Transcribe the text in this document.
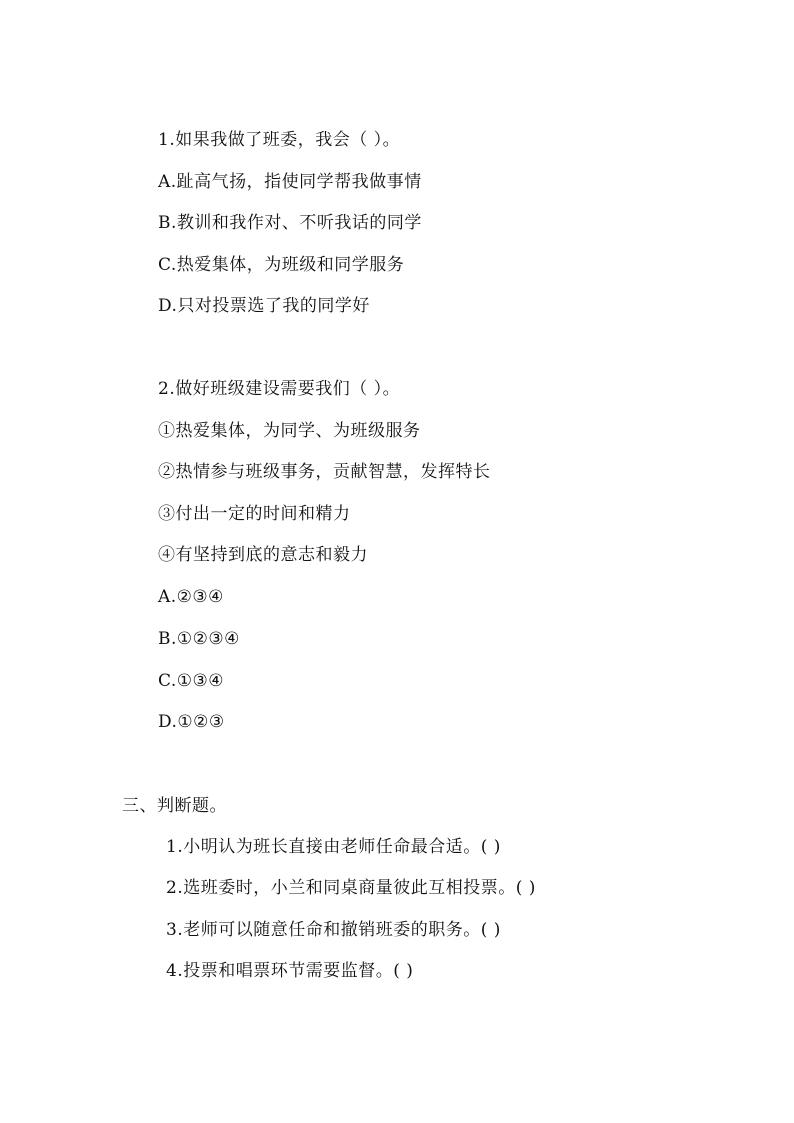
1.如果我做了班委，我会（ ）。
A.趾高气扬，指使同学帮我做事情
B.教训和我作对、不听我话的同学
C.热爱集体，为班级和同学服务
D.只对投票选了我的同学好
2.做好班级建设需要我们（ ）。
①热爱集体，为同学、为班级服务
②热情参与班级事务，贡献智慧，发挥特长
③付出一定的时间和精力
④有坚持到底的意志和毅力
A.②③④
B.①②③④
C.①③④
D.①②③
三、判断题。
1.小明认为班长直接由老师任命最合适。( )
2.选班委时，小兰和同桌商量彼此互相投票。( )
3.老师可以随意任命和撤销班委的职务。( )
4.投票和唱票环节需要监督。( )
